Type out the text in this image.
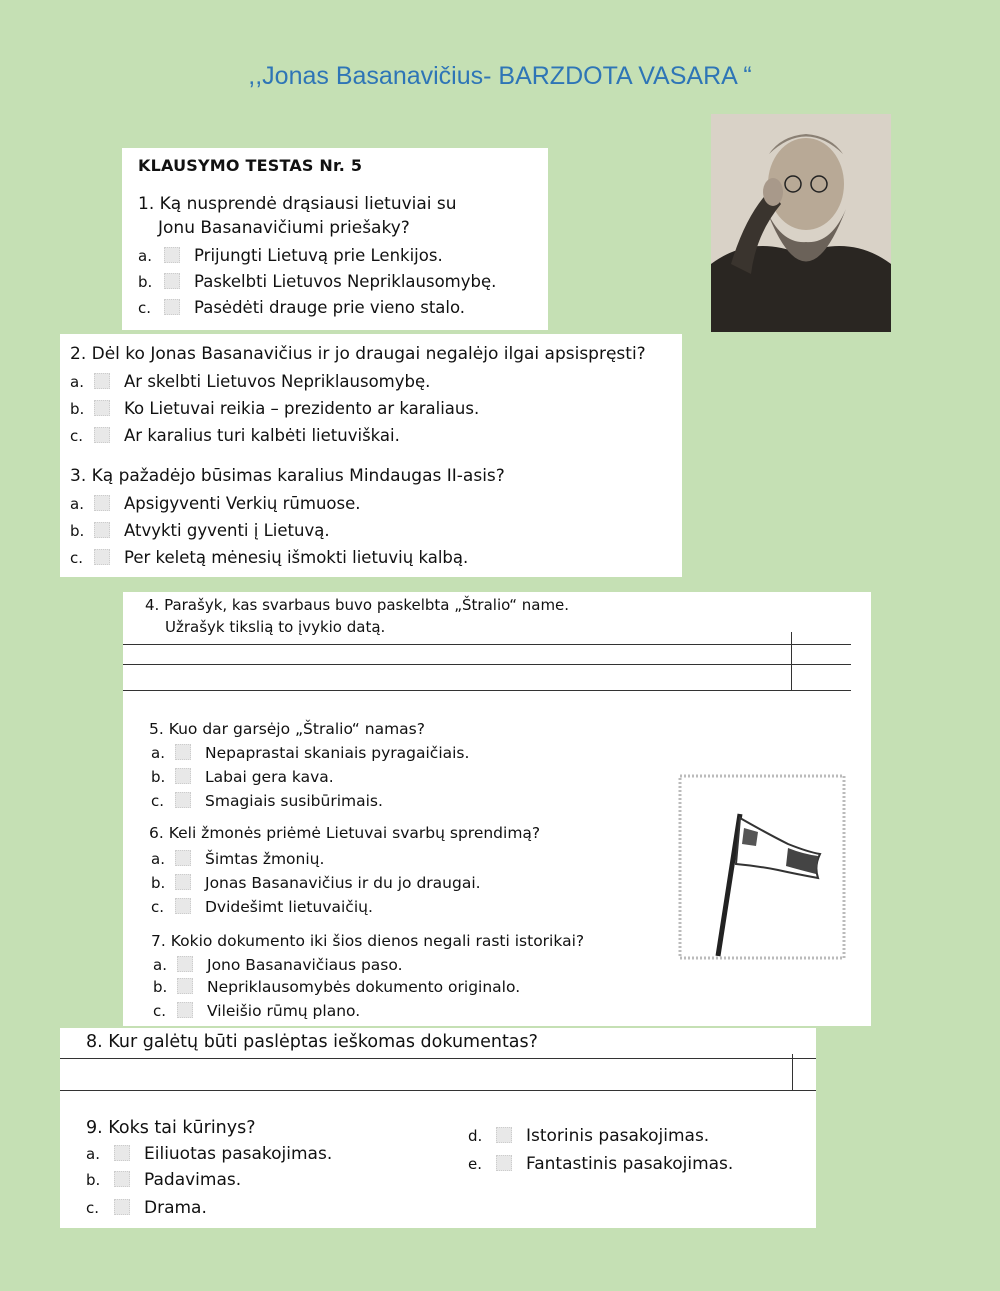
,,Jonas Basanavičius- BARZDOTA VASARA “
KLAUSYMO TESTAS Nr. 5
1. Ką nusprendė drąsiausi lietuviai su
Jonu Basanavičiumi priešaky?
a.	Prijungti Lietuvą prie Lenkijos.
b.	Paskelbti Lietuvos Nepriklausomybę.
c.	Pasėdėti drauge prie vieno stalo.
2. Dėl ko Jonas Basanavičius ir jo draugai negalėjo ilgai apsispręsti?
a. Ar skelbti Lietuvos Nepriklausomybę.
b. Ko Lietuvai reikia – prezidento ar karaliaus.
c. Ar karalius turi kalbėti lietuviškai.
3. Ką pažadėjo būsimas karalius Mindaugas II-asis?
a. Apsigyventi Verkių rūmuose.
b. Atvykti gyventi į Lietuvą.
c. Per keletą mėnesių išmokti lietuvių kalbą.
4. Parašyk, kas svarbaus buvo paskelbta „Štralio“ name.
Užrašyk tikslią to įvykio datą.
5. Kuo dar garsėjo „Štralio“ namas?
a.	Nepaprastai skaniais pyragaičiais.
b.	Labai gera kava.
c.	Smagiais susibūrimais.
6. Keli žmonės priėmė Lietuvai svarbų sprendimą?
a.	Šimtas žmonių.
b.	Jonas Basanavičius ir du jo draugai.
c.	Dvidešimt lietuvaičių.
7. Kokio dokumento iki šios dienos negali rasti istorikai?
a.	Jono Basanavičiaus paso.
b.	Nepriklausomybės dokumento originalo.
c.	Vileišio rūmų plano.
8. Kur galėtų būti paslėptas ieškomas dokumentas?
9. Koks tai kūrinys?
a.	Eiliuotas pasakojimas.
b.	Padavimas.
c.	Drama.
d.	Istorinis pasakojimas.
e.	Fantastinis pasakojimas.
